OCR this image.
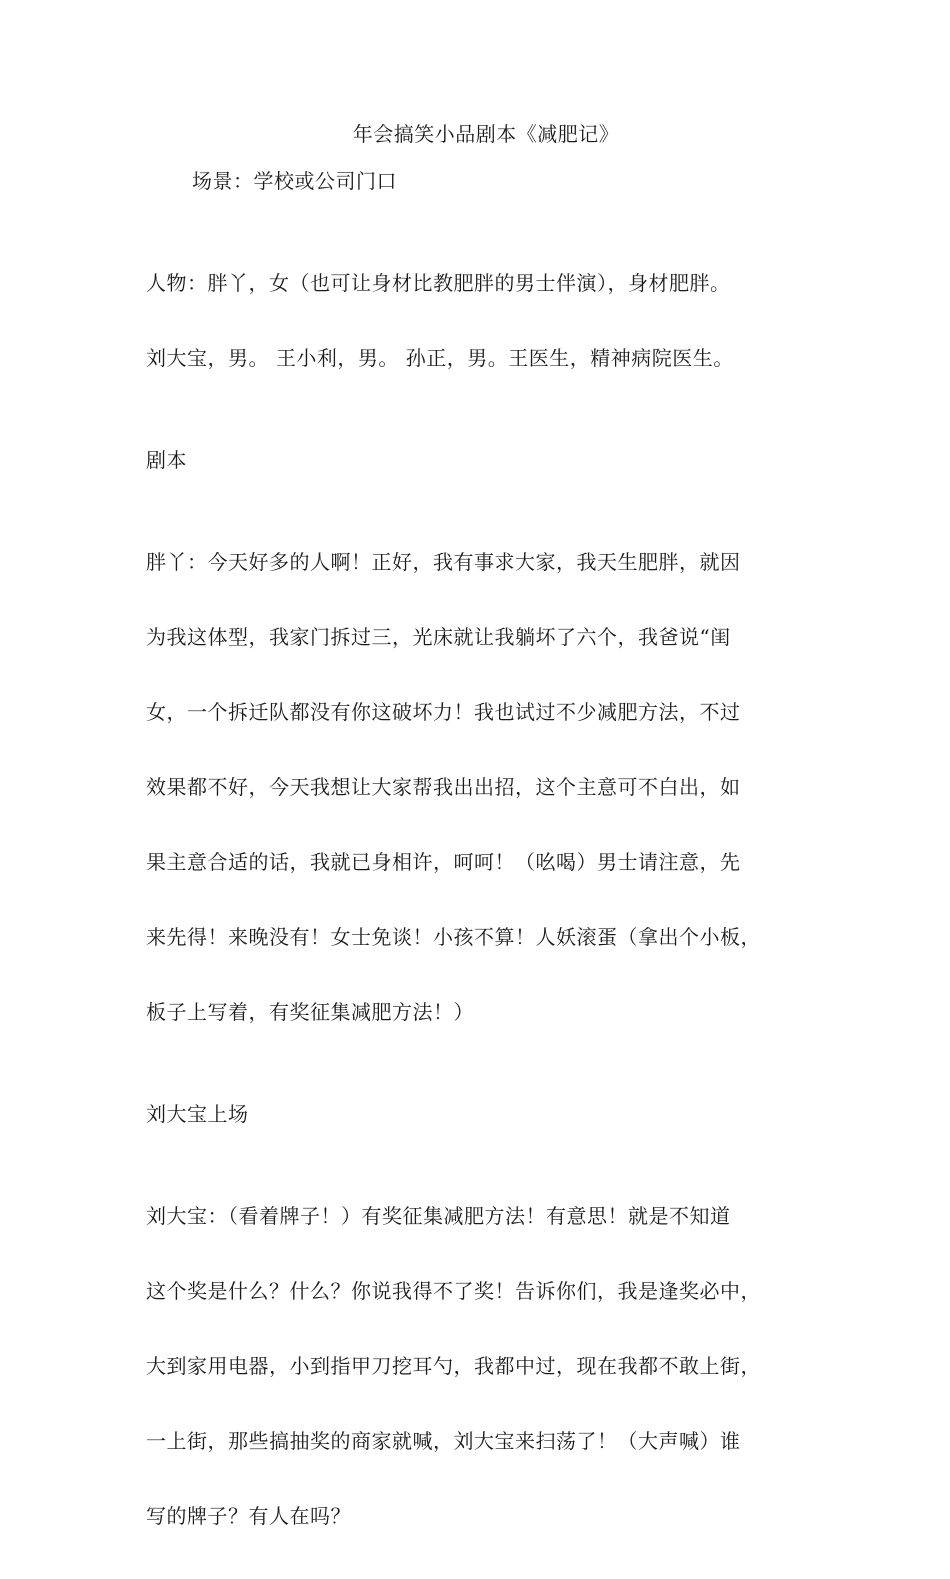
年会搞笑小品剧本《减肥记》
场景：学校或公司门口

人物：胖丫，女（也可让身材比教肥胖的男士伴演），身材肥胖。

刘大宝，男。 王小利，男。 孙正，男。王医生，精神病院医生。

剧本

胖丫：今天好多的人啊！正好，我有事求大家，我天生肥胖，就因

为我这体型，我家门拆过三，光床就让我躺坏了六个，我爸说“闺

女，一个拆迁队都没有你这破坏力！我也试过不少减肥方法，不过

效果都不好，今天我想让大家帮我出出招，这个主意可不白出，如

果主意合适的话，我就已身相许，呵呵！（吆喝）男士请注意，先

来先得！来晚没有！女士免谈！小孩不算！人妖滚蛋（拿出个小板，

板子上写着，有奖征集减肥方法！）

刘大宝上场

刘大宝：（看着牌子！）有奖征集减肥方法！有意思！就是不知道

这个奖是什么？什么？你说我得不了奖！告诉你们，我是逢奖必中，

大到家用电器，小到指甲刀挖耳勺，我都中过，现在我都不敢上街，

一上街，那些搞抽奖的商家就喊，刘大宝来扫荡了！（大声喊）谁

写的牌子？有人在吗？
